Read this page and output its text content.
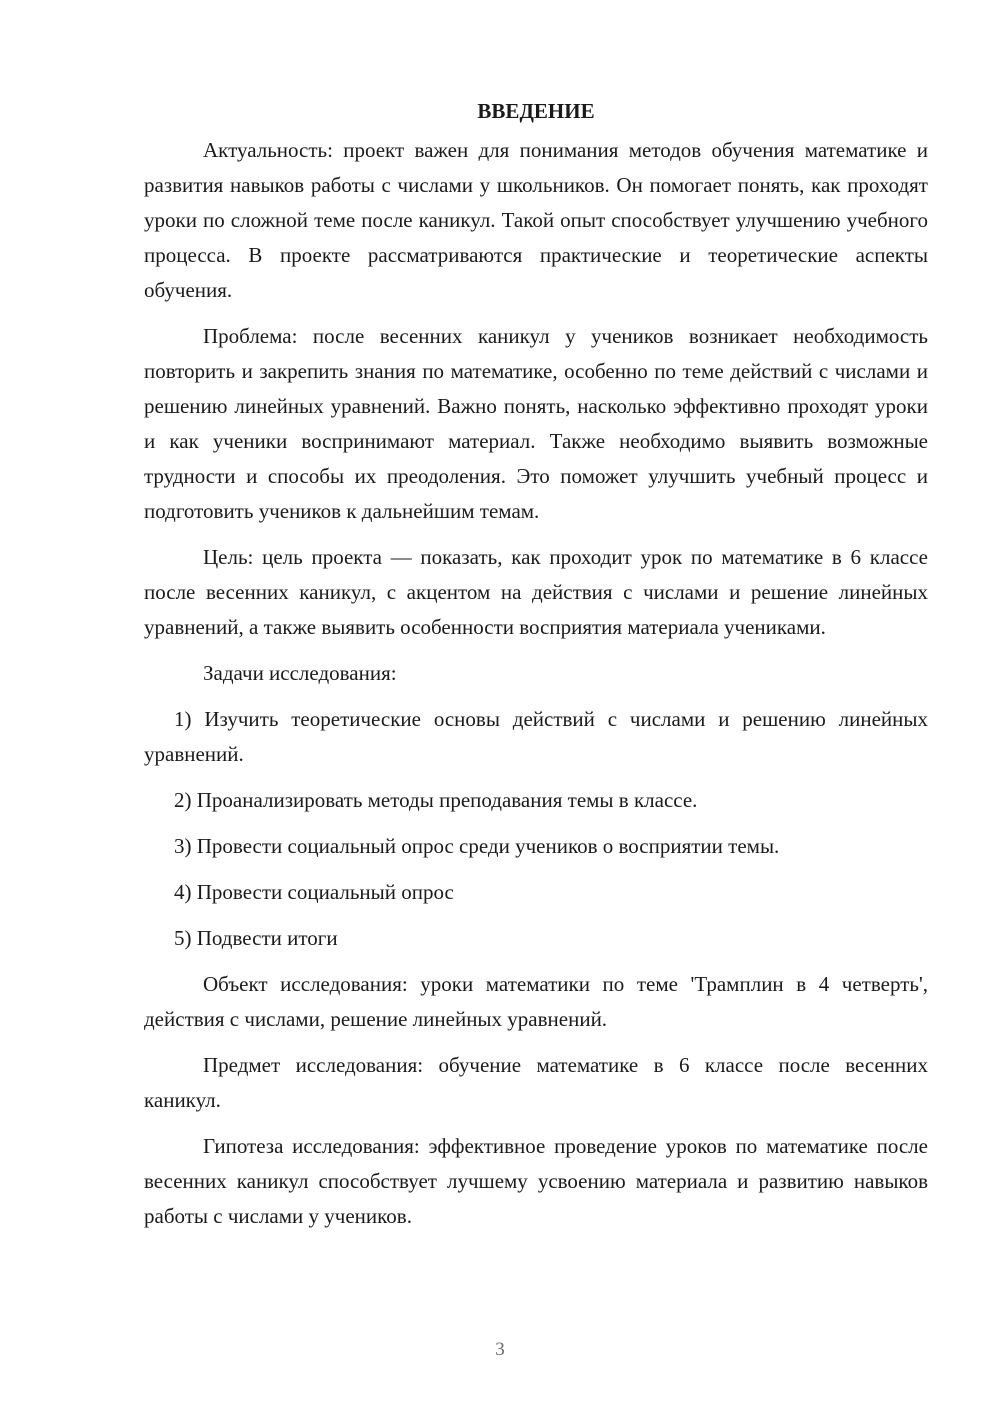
ВВЕДЕНИЕ

Актуальность: проект важен для понимания методов обучения математике и развития навыков работы с числами у школьников. Он помогает понять, как проходят уроки по сложной теме после каникул. Такой опыт способствует улучшению учебного процесса. В проекте рассматриваются практические и теоретические аспекты обучения.

Проблема: после весенних каникул у учеников возникает необходимость повторить и закрепить знания по математике, особенно по теме действий с числами и решению линейных уравнений. Важно понять, насколько эффективно проходят уроки и как ученики воспринимают материал. Также необходимо выявить возможные трудности и способы их преодоления. Это поможет улучшить учебный процесс и подготовить учеников к дальнейшим темам.

Цель: цель проекта — показать, как проходит урок по математике в 6 классе после весенних каникул, с акцентом на действия с числами и решение линейных уравнений, а также выявить особенности восприятия материала учениками.

Задачи исследования:

1) Изучить теоретические основы действий с числами и решению линейных уравнений.

2) Проанализировать методы преподавания темы в классе.

3) Провести социальный опрос среди учеников о восприятии темы.

4) Провести социальный опрос

5) Подвести итоги

Объект исследования: уроки математики по теме 'Трамплин в 4 четверть', действия с числами, решение линейных уравнений.

Предмет исследования: обучение математике в 6 классе после весенних каникул.

Гипотеза исследования: эффективное проведение уроков по математике после весенних каникул способствует лучшему усвоению материала и развитию навыков работы с числами у учеников.

3
